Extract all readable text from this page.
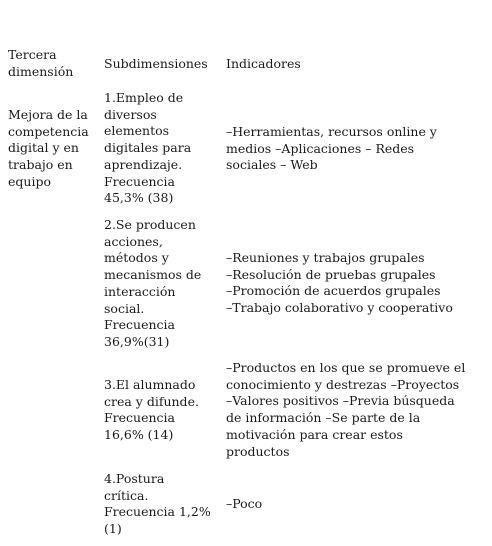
Tercera
dimensión

Subdimensiones	Indicadores

Mejora de la
competencia
digital y en
trabajo en
equipo

1.Empleo de
diversos
elementos
digitales para
aprendizaje.
Frecuencia
45,3% (38)

–Herramientas, recursos online y
medios –Aplicaciones – Redes
sociales – Web

2.Se producen
acciones,
métodos y
mecanismos de
interacción
social.
Frecuencia
36,9%(31)

–Reuniones y trabajos grupales
–Resolución de pruebas grupales
–Promoción de acuerdos grupales
–Trabajo colaborativo y cooperativo

3.El alumnado
crea y difunde.
Frecuencia
16,6% (14)

–Productos en los que se promueve el
conocimiento y destrezas –Proyectos
–Valores positivos –Previa búsqueda
de información –Se parte de la
motivación para crear estos
productos

4.Postura
crítica.
Frecuencia 1,2%
(1)

–Poco
